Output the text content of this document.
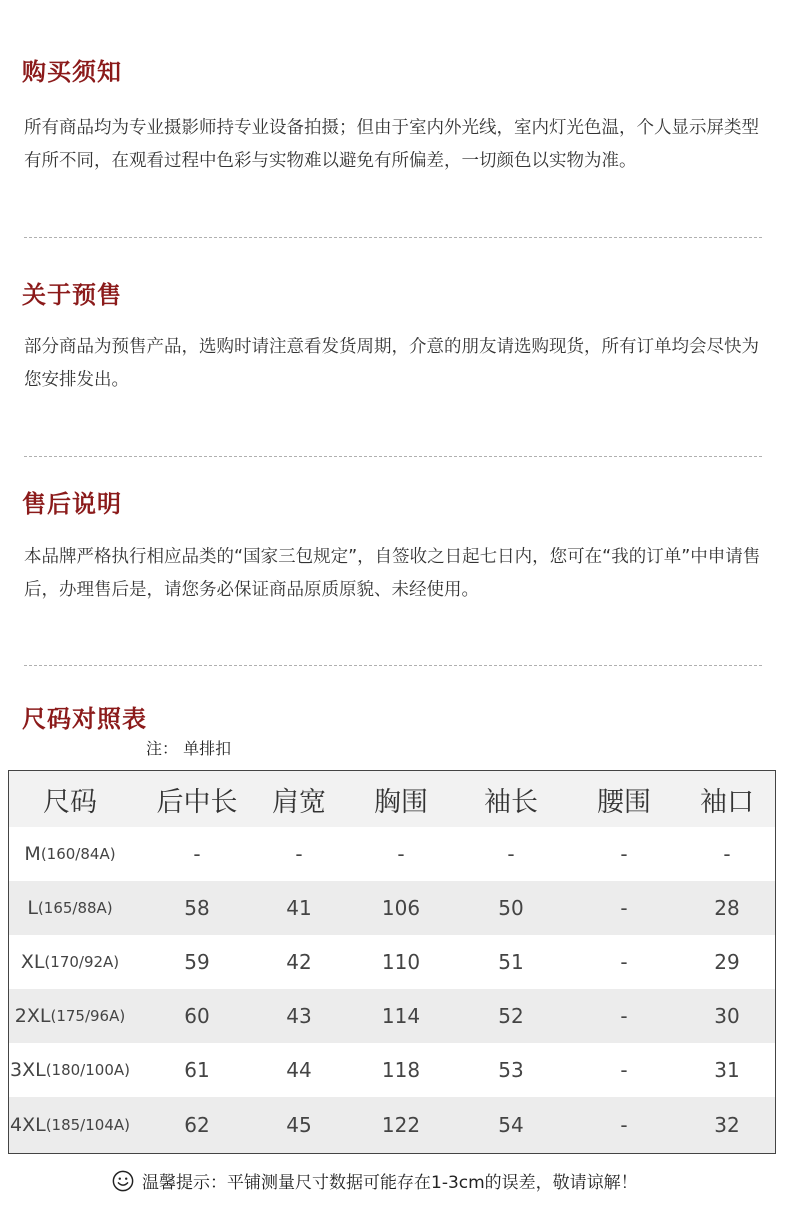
购买须知
所有商品均为专业摄影师持专业设备拍摄；但由于室内外光线，室内灯光色温，个人显示屏类型有所不同，在观看过程中色彩与实物难以避免有所偏差，一切颜色以实物为准。
关于预售
部分商品为预售产品，选购时请注意看发货周期，介意的朋友请选购现货，所有订单均会尽快为您安排发出。
售后说明
本品牌严格执行相应品类的“国家三包规定”，自签收之日起七日内，您可在“我的订单”中申请售后，办理售后是，请您务必保证商品原质原貌、未经使用。
尺码对照表
注： 单排扣
尺码	后中长	肩宽	胸围	袖长	腰围	袖口
M (160/84A)	-	-	-	-	-	-
L (165/88A)	58	41	106	50	-	28
XL (170/92A)	59	42	110	51	-	29
2XL (175/96A)	60	43	114	52	-	30
3XL (180/100A)	61	44	118	53	-	31
4XL (185/104A)	62	45	122	54	-	32
温馨提示：平铺测量尺寸数据可能存在1-3cm的误差，敬请谅解！
